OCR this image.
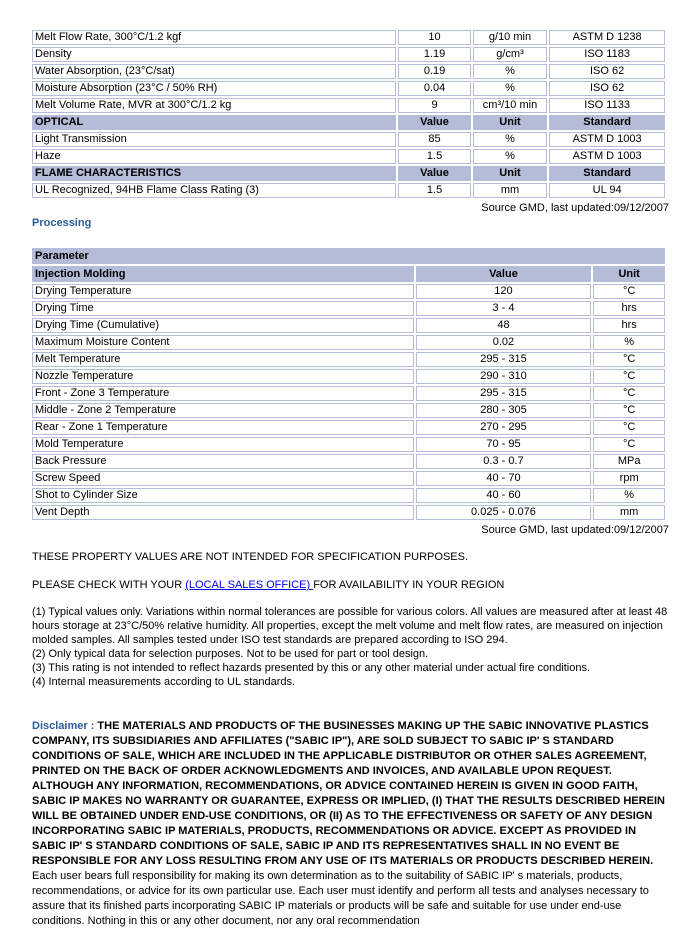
Melt Flow Rate, 300°C/1.2 kgf	10	g/10 min	ASTM D 1238
Density	1.19	g/cm³	ISO 1183
Water Absorption, (23°C/sat)	0.19	%	ISO 62
Moisture Absorption (23°C / 50% RH)	0.04	%	ISO 62
Melt Volume Rate, MVR at 300°C/1.2 kg	9	cm³/10 min	ISO 1133
OPTICAL	Value	Unit	Standard
Light Transmission	85	%	ASTM D 1003
Haze	1.5	%	ASTM D 1003
FLAME CHARACTERISTICS	Value	Unit	Standard
UL Recognized, 94HB Flame Class Rating (3)	1.5	mm	UL 94
Source GMD, last updated:09/12/2007
Processing
Parameter		
Injection Molding	Value	Unit
Drying Temperature	120	°C
Drying Time	3 - 4	hrs
Drying Time (Cumulative)	48	hrs
Maximum Moisture Content	0.02	%
Melt Temperature	295 - 315	°C
Nozzle Temperature	290 - 310	°C
Front - Zone 3 Temperature	295 - 315	°C
Middle - Zone 2 Temperature	280 - 305	°C
Rear - Zone 1 Temperature	270 - 295	°C
Mold Temperature	70 - 95	°C
Back Pressure	0.3 - 0.7	MPa
Screw Speed	40 - 70	rpm
Shot to Cylinder Size	40 - 60	%
Vent Depth	0.025 - 0.076	mm
Source GMD, last updated:09/12/2007

THESE PROPERTY VALUES ARE NOT INTENDED FOR SPECIFICATION PURPOSES.

PLEASE CHECK WITH YOUR (LOCAL SALES OFFICE) FOR AVAILABILITY IN YOUR REGION

(1) Typical values only. Variations within normal tolerances are possible for various colors. All values are measured after at least 48 hours storage at 23°C/50% relative humidity. All properties, except the melt volume and melt flow rates, are measured on injection molded samples. All samples tested under ISO test standards are prepared according to ISO 294.

(2) Only typical data for selection purposes. Not to be used for part or tool design.

(3) This rating is not intended to reflect hazards presented by this or any other material under actual fire conditions.

(4) Internal measurements according to UL standards.

Disclaimer : THE MATERIALS AND PRODUCTS OF THE BUSINESSES MAKING UP THE SABIC INNOVATIVE PLASTICS COMPANY, ITS SUBSIDIARIES AND AFFILIATES ("SABIC IP"), ARE SOLD SUBJECT TO SABIC IP' S STANDARD CONDITIONS OF SALE, WHICH ARE INCLUDED IN THE APPLICABLE DISTRIBUTOR OR OTHER SALES AGREEMENT, PRINTED ON THE BACK OF ORDER ACKNOWLEDGMENTS AND INVOICES, AND AVAILABLE UPON REQUEST. ALTHOUGH ANY INFORMATION, RECOMMENDATIONS, OR ADVICE CONTAINED HEREIN IS GIVEN IN GOOD FAITH, SABIC IP MAKES NO WARRANTY OR GUARANTEE, EXPRESS OR IMPLIED, (I) THAT THE RESULTS DESCRIBED HEREIN WILL BE OBTAINED UNDER END-USE CONDITIONS, OR (II) AS TO THE EFFECTIVENESS OR SAFETY OF ANY DESIGN INCORPORATING SABIC IP MATERIALS, PRODUCTS, RECOMMENDATIONS OR ADVICE. EXCEPT AS PROVIDED IN SABIC IP' S STANDARD CONDITIONS OF SALE, SABIC IP AND ITS REPRESENTATIVES SHALL IN NO EVENT BE RESPONSIBLE FOR ANY LOSS RESULTING FROM ANY USE OF ITS MATERIALS OR PRODUCTS DESCRIBED HEREIN. Each user bears full responsibility for making its own determination as to the suitability of SABIC IP' s materials, products, recommendations, or advice for its own particular use. Each user must identify and perform all tests and analyses necessary to assure that its finished parts incorporating SABIC IP materials or products will be safe and suitable for use under end-use conditions. Nothing in this or any other document, nor any oral recommendation
